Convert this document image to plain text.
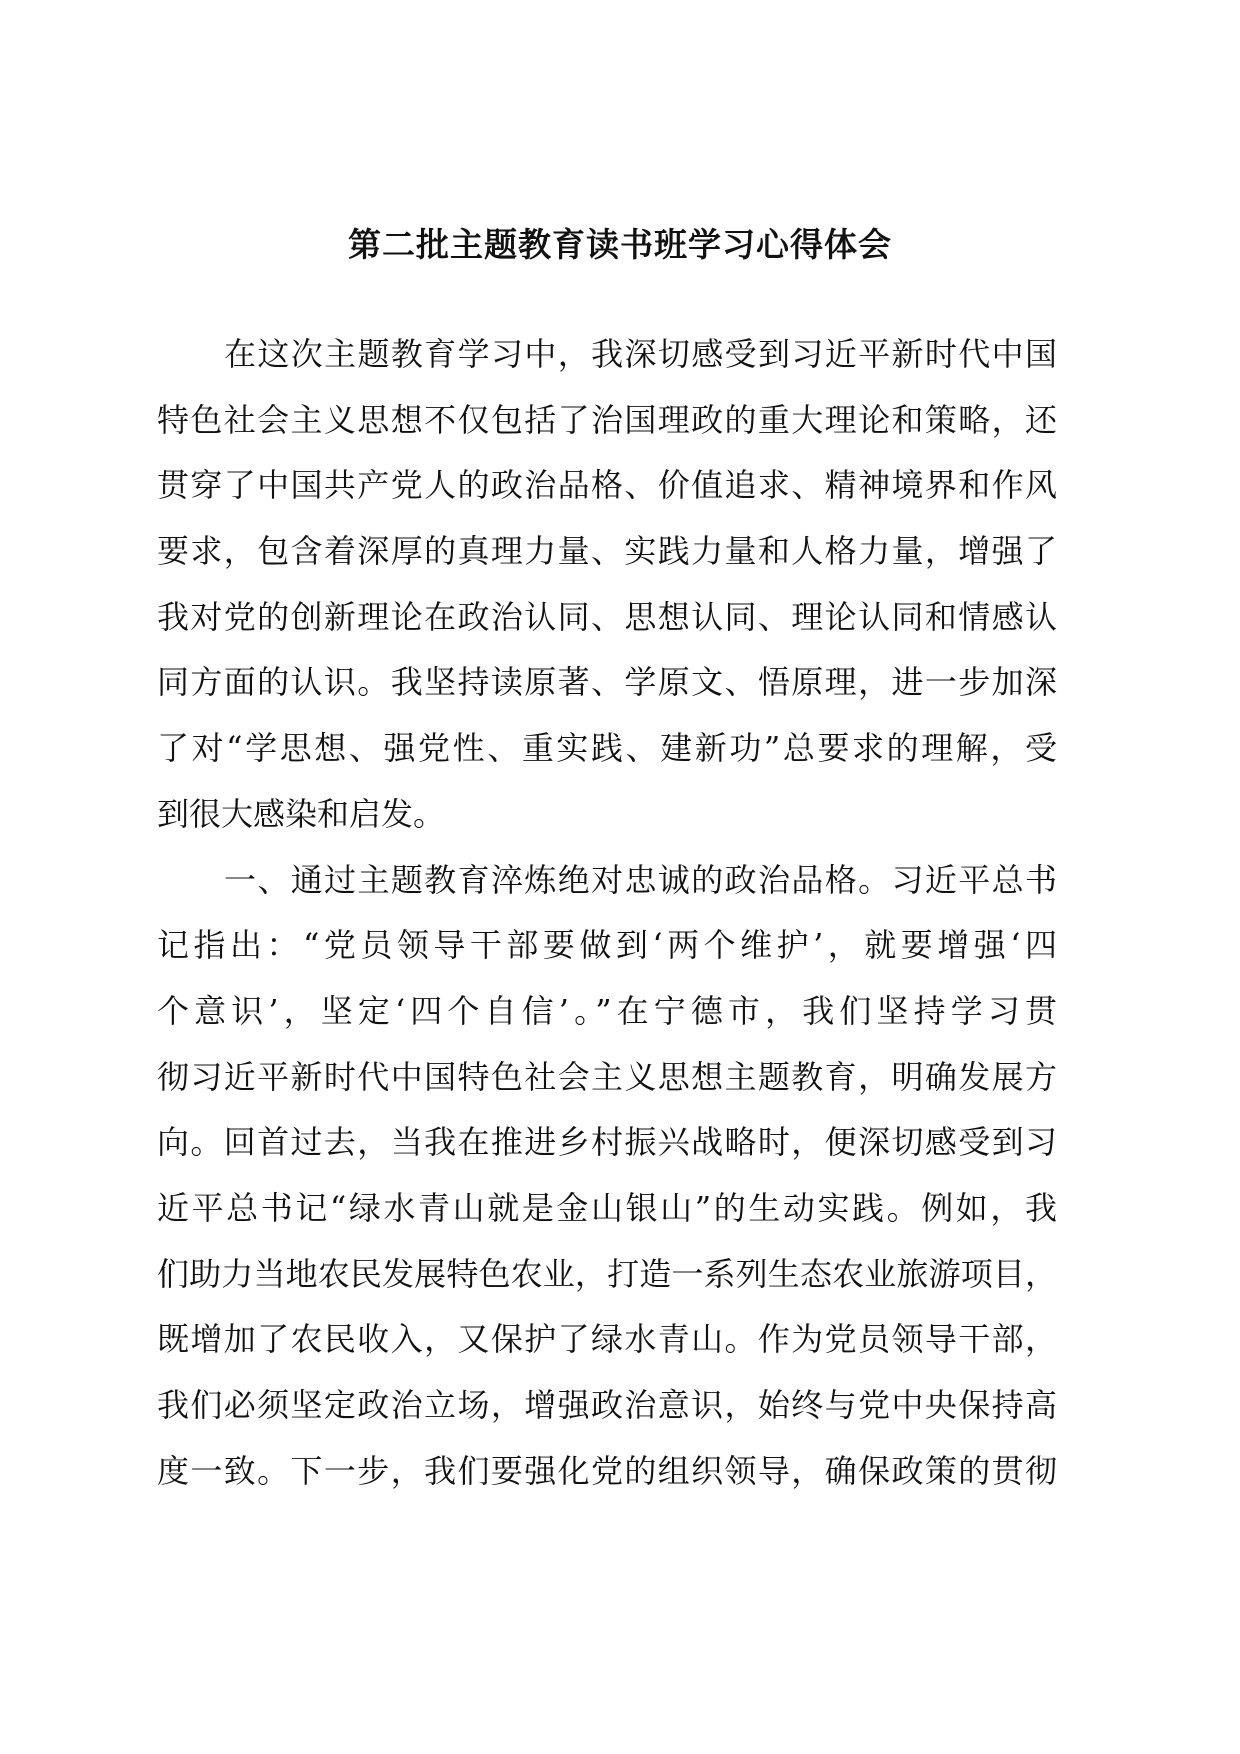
第二批主题教育读书班学习心得体会
在这次主题教育学习中，我深切感受到习近平新时代中国
特色社会主义思想不仅包括了治国理政的重大理论和策略，还
贯穿了中国共产党人的政治品格、价值追求、精神境界和作风
要求，包含着深厚的真理力量、实践力量和人格力量，增强了
我对党的创新理论在政治认同、思想认同、理论认同和情感认
同方面的认识。我坚持读原著、学原文、悟原理，进一步加深
了对“学思想、强党性、重实践、建新功”总要求的理解，受
到很大感染和启发。
一、通过主题教育淬炼绝对忠诚的政治品格。习近平总书
记指出：“党员领导干部要做到‘两个维护’，就要增强‘四
个意识’，坚定‘四个自信’。”在宁德市，我们坚持学习贯
彻习近平新时代中国特色社会主义思想主题教育，明确发展方
向。回首过去，当我在推进乡村振兴战略时，便深切感受到习
近平总书记“绿水青山就是金山银山”的生动实践。例如，我
们助力当地农民发展特色农业，打造一系列生态农业旅游项目，
既增加了农民收入，又保护了绿水青山。作为党员领导干部，
我们必须坚定政治立场，增强政治意识，始终与党中央保持高
度一致。下一步，我们要强化党的组织领导，确保政策的贯彻
